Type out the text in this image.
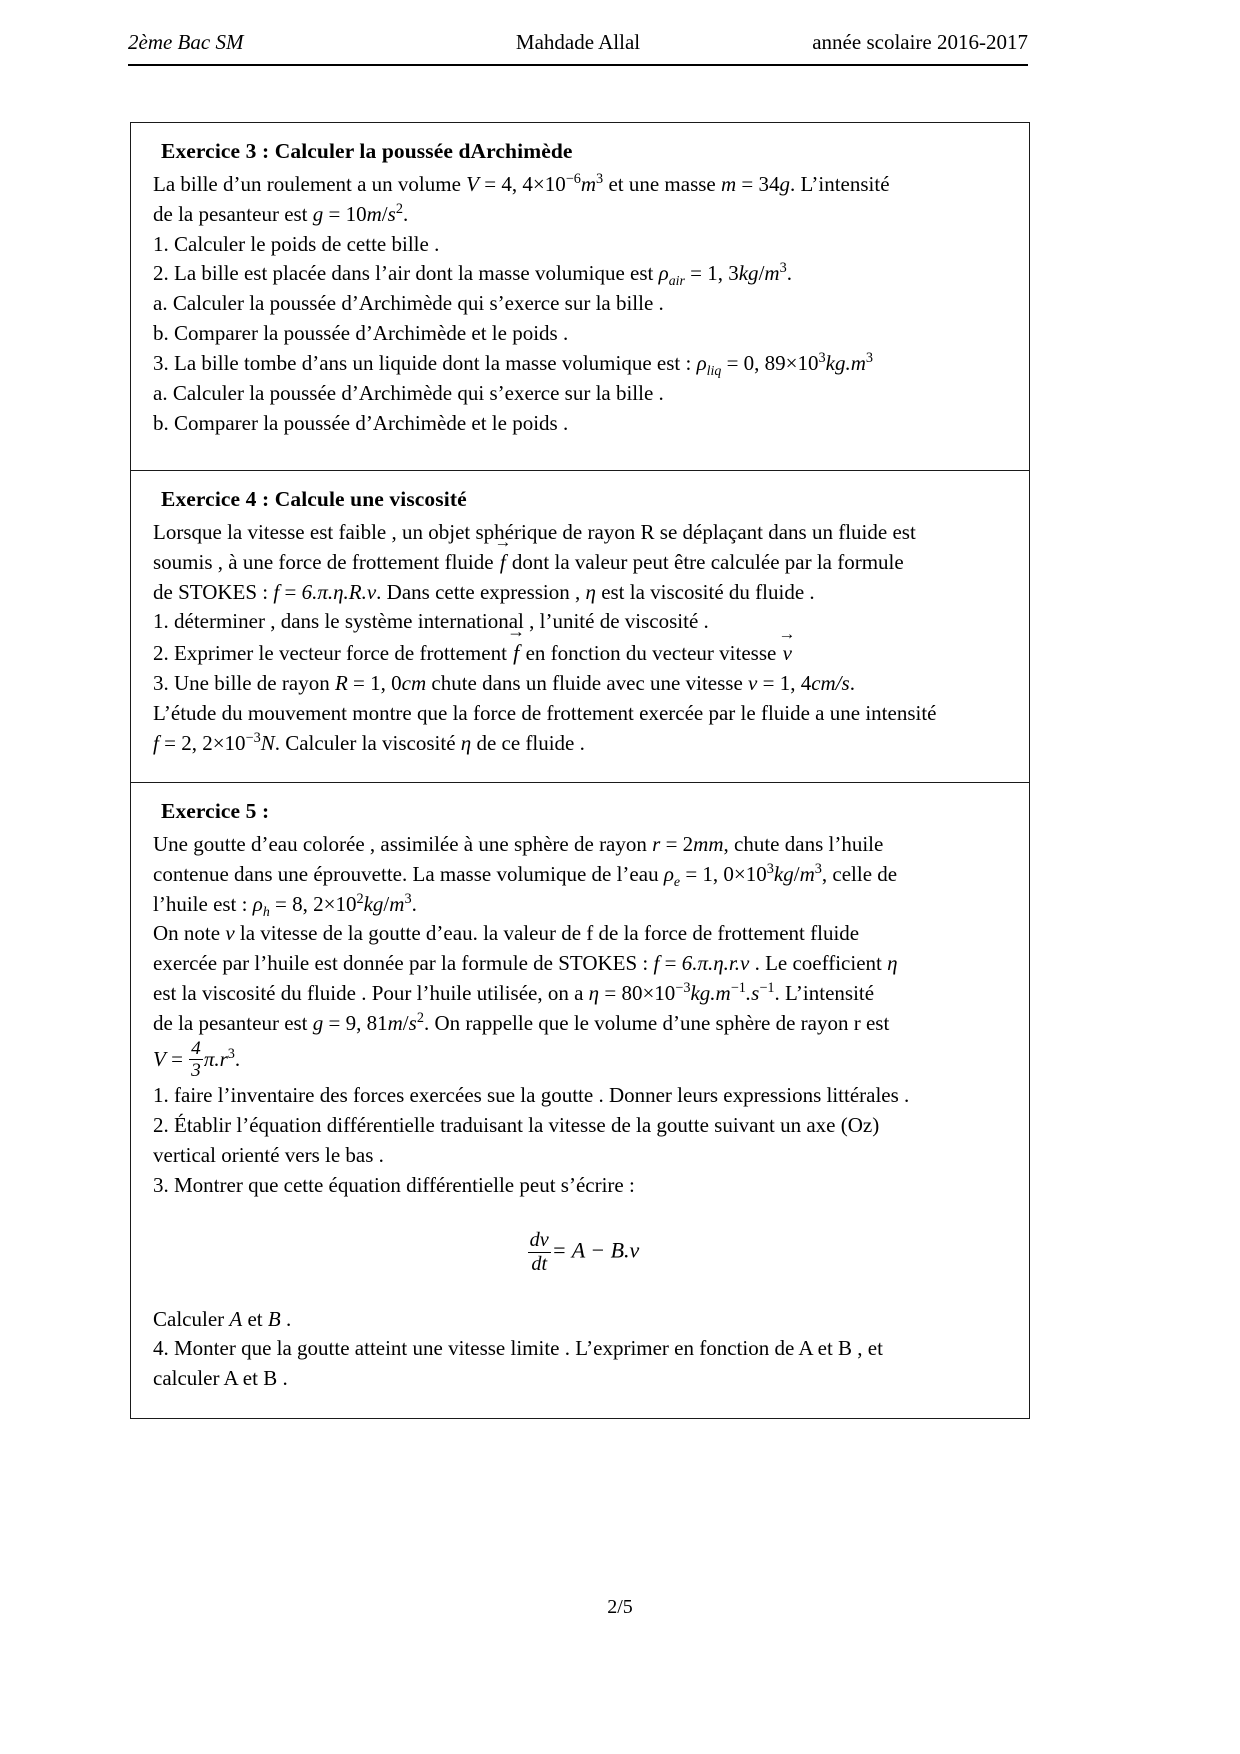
2ème Bac SM	Mahdade Allal	année scolaire 2016-2017
Exercice 3 : Calculer la poussée dArchimède

La bille d’un roulement a un volume V = 4, $4\times 10^{-6}m^3$ et une masse m = 34g. L’intensité

de la pesanteur est $g = 10m/s^2$.

1. Calculer le poids de cette bille .

2. La bille est placée dans l’air dont la masse volumique est $\rho_{air} = 1$, $3kg/m^3$.

a. Calculer la poussée d’Archimède qui s’exerce sur la bille .

b. Comparer la poussée d’Archimède et le poids .

3. La bille tombe d’ans un liquide dont la masse volumique est : $\rho_{liq} = 0$, $89\times 10^3kg.m^3$

a. Calculer la poussée d’Archimède qui s’exerce sur la bille .

b. Comparer la poussée d’Archimède et le poids .

Exercice 4 : Calcule une viscosité

Lorsque la vitesse est faible , un objet sphérique de rayon R se déplaçant dans un fluide est

soumis , à une force de frottement fluide f → dont la valeur peut être calculée par la formule

de STOKES : f = 6.π.η.R.v. Dans cette expression , η est la viscosité du fluide .

1. déterminer , dans le système international , l’unité de viscosité .

2. Exprimer le vecteur force de frottement f → en fonction du vecteur vitesse v →

3. Une bille de rayon R = 1, 0cm chute dans un fluide avec une vitesse v = 1, 4cm/s.

L’étude du mouvement montre que la force de frottement exercée par le fluide a une intensité

f = 2, $2\times 10^{-3}N$. Calculer la viscosité η de ce fluide .

Exercice 5 :

Une goutte d’eau colorée , assimilée à une sphère de rayon r = 2mm, chute dans l’huile

contenue dans une éprouvette. La masse volumique de l’eau $\rho_e = 1$, $0\times 10^3kg/m^3$, celle de

l’huile est : $\rho_h = 8$, $2\times 10^2kg/m^3$.

On note v la vitesse de la goutte d’eau. la valeur de f de la force de frottement fluide

exercée par l’huile est donnée par la formule de STOKES : f = 6.π.η.r.v . Le coefficient η

est la viscosité du fluide . Pour l’huile utilisée, on a $\eta = 80\times 10^{-3}kg.m^{-1}.s^{-1}$. L’intensité

de la pesanteur est g = 9, $81m/s^2$. On rappelle que le volume d’une sphère de rayon r est

$V = \frac{4}{3} \pi.r^3$.

1. faire l’inventaire des forces exercées sue la goutte . Donner leurs expressions littérales .

2. Établir l’équation différentielle traduisant la vitesse de la goutte suivant un axe (Oz)

vertical orienté vers le bas .

3. Montrer que cette équation différentielle peut s’écrire :

$\frac{dv}{dt} = A - B.v$

Calculer A et B .

4. Monter que la goutte atteint une vitesse limite . L’exprimer en fonction de A et B , et

calculer A et B .

2/5
